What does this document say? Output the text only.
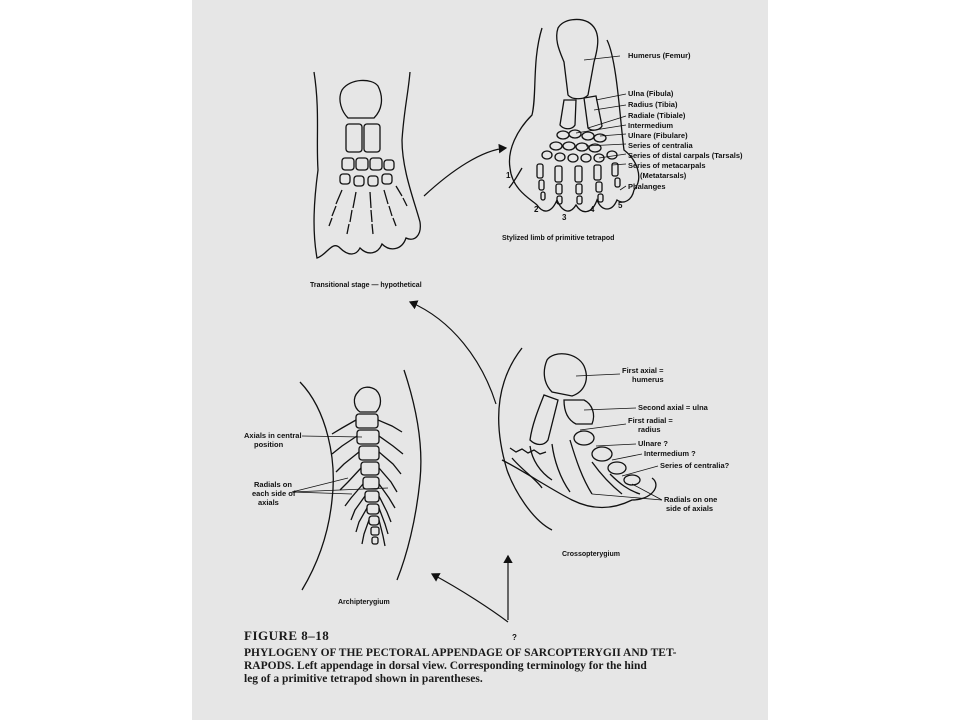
Humerus (Femur)
Ulna (Fibula)
Radius (Tibia)
Radiale (Tibiale)
Intermedium
Ulnare (Fibulare)
Series of centralia
Series of distal carpals (Tarsals)
Series of metacarpals
(Metatarsals)
Phalanges
1
2
3
4	5
Stylized limb of primitive tetrapod
Transitional stage — hypothetical
First axial =
humerus
Second axial = ulna
First radial =
radius
Ulnare ?
Intermedium ?
Series of centralia?
Radials on one
side of axials
Crossopterygium
Axials in central
position
Radials on
each side of
axials
Archipterygium
?
FIGURE 8–18
PHYLOGENY OF THE PECTORAL APPENDAGE OF SARCOPTERYGII AND TET-
RAPODS. Left appendage in dorsal view. Corresponding terminology for the hind
leg of a primitive tetrapod shown in parentheses.
